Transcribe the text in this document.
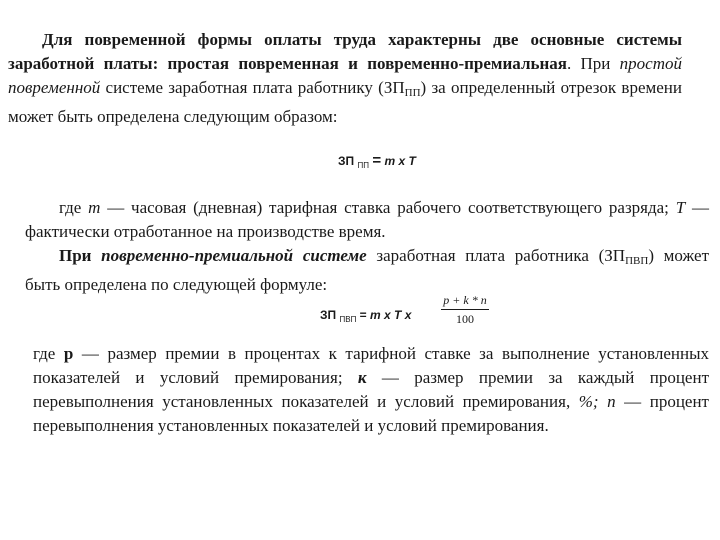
Для повременной формы оплаты труда характерны две основные системы заработной платы: простая повременная и повременно-премиальная. При простой повременной системе заработная плата работнику $(ЗП_{ПП})$ за определенный отрезок времени может быть определена следующим образом:
ЗП $_{ПП}$ = m x T
где т — часовая (дневная) тарифная ставка рабочего соответствующего разряда; Т — фактически отработанное на производстве время.
При повременно-премиальной системе заработная плата работника $(ЗП_{ПВП})$ может быть определена по следующей формуле:
ЗП $_{ПВП}$ = m x T x
p + k * n
100
где р — размер премии в процентах к тарифной ставке за выполнение установленных показателей и условий премирования; к — размер премии за каждый процент перевыполнения установленных показателей и условий премирования, %; п — процент перевыполнения установленных показателей и условий премирования.
